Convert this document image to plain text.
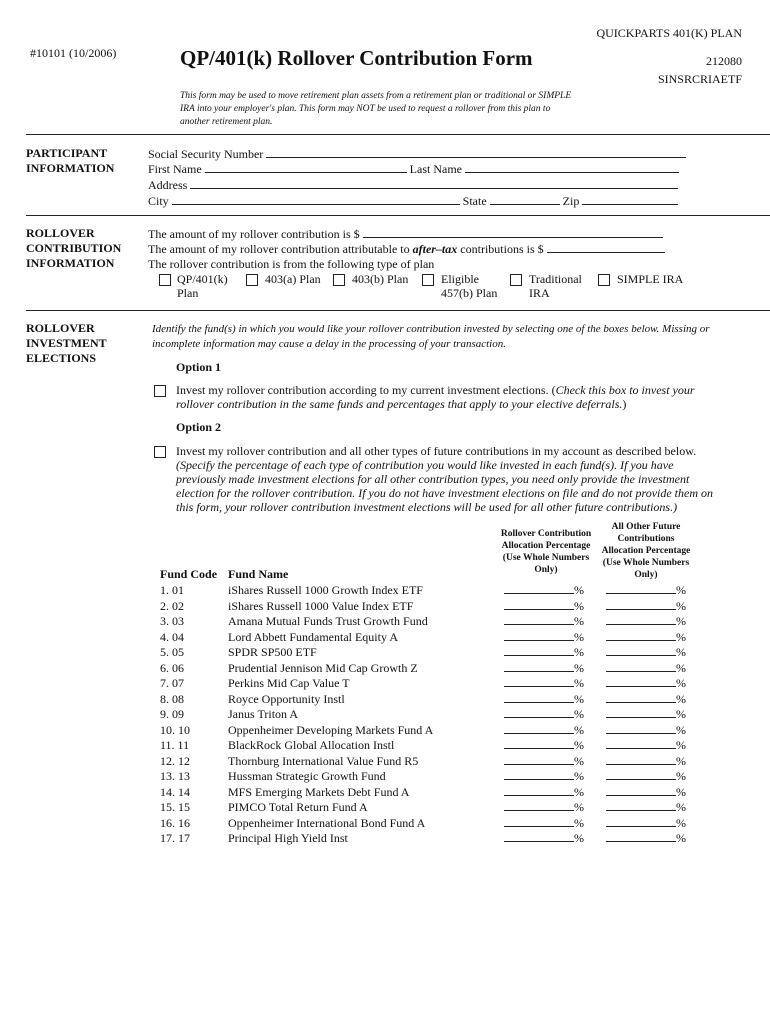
QUICKPARTS 401(K) PLAN
#10101 (10/2006)	QP/401(k) Rollover Contribution Form	212080
SINSRCRIAETF
This form may be used to move retirement plan assets from a retirement plan or traditional or SIMPLE IRA into your employer's plan. This form may NOT be used to request a rollover from this plan to another retirement plan.
PARTICIPANT INFORMATION
Social Security Number
First Name	Last Name
Address
City	State	Zip
ROLLOVER CONTRIBUTION INFORMATION
The amount of my rollover contribution is $
The amount of my rollover contribution attributable to after–tax contributions is $
The rollover contribution is from the following type of plan
QP/401(k) Plan
403(a) Plan	403(b) Plan	Eligible 457(b) Plan
Traditional IRA
SIMPLE IRA
ROLLOVER INVESTMENT ELECTIONS
Identify the fund(s) in which you would like your rollover contribution invested by selecting one of the boxes below. Missing or incomplete information may cause a delay in the processing of your transaction.
Option 1
Invest my rollover contribution according to my current investment elections. (Check this box to invest your rollover contribution in the same funds and percentages that apply to your elective deferrals.)
Option 2
Invest my rollover contribution and all other types of future contributions in my account as described below. (Specify the percentage of each type of contribution you would like invested in each fund(s). If you have previously made investment elections for all other contribution types, you need only provide the investment election for the rollover contribution. If you do not have investment elections on file and do not provide them on this form, your rollover contribution investment elections will be used for all other future contributions.)
Rollover Contribution Allocation Percentage (Use Whole Numbers Only)
All Other Future Contributions Allocation Percentage (Use Whole Numbers Only)
Fund Code Fund Name
1. 01	iShares Russell 1000 Growth Index ETF	%	%
2. 02	iShares Russell 1000 Value Index ETF	%	%
3. 03	Amana Mutual Funds Trust Growth Fund	%	%
4. 04	Lord Abbett Fundamental Equity A	%	%
5. 05	SPDR SP500 ETF	%	%
6. 06	Prudential Jennison Mid Cap Growth Z	%	%
7. 07	Perkins Mid Cap Value T	%	%
8. 08	Royce Opportunity Instl	%	%
9. 09	Janus Triton A	%	%
10. 10	Oppenheimer Developing Markets Fund A	%	%
11. 11	BlackRock Global Allocation Instl	%	%
12. 12	Thornburg International Value Fund R5	%	%
13. 13	Hussman Strategic Growth Fund	%	%
14. 14	MFS Emerging Markets Debt Fund A	%	%
15. 15	PIMCO Total Return Fund A	%	%
16. 16	Oppenheimer International Bond Fund A	%	%
17. 17	Principal High Yield Inst	%	%
